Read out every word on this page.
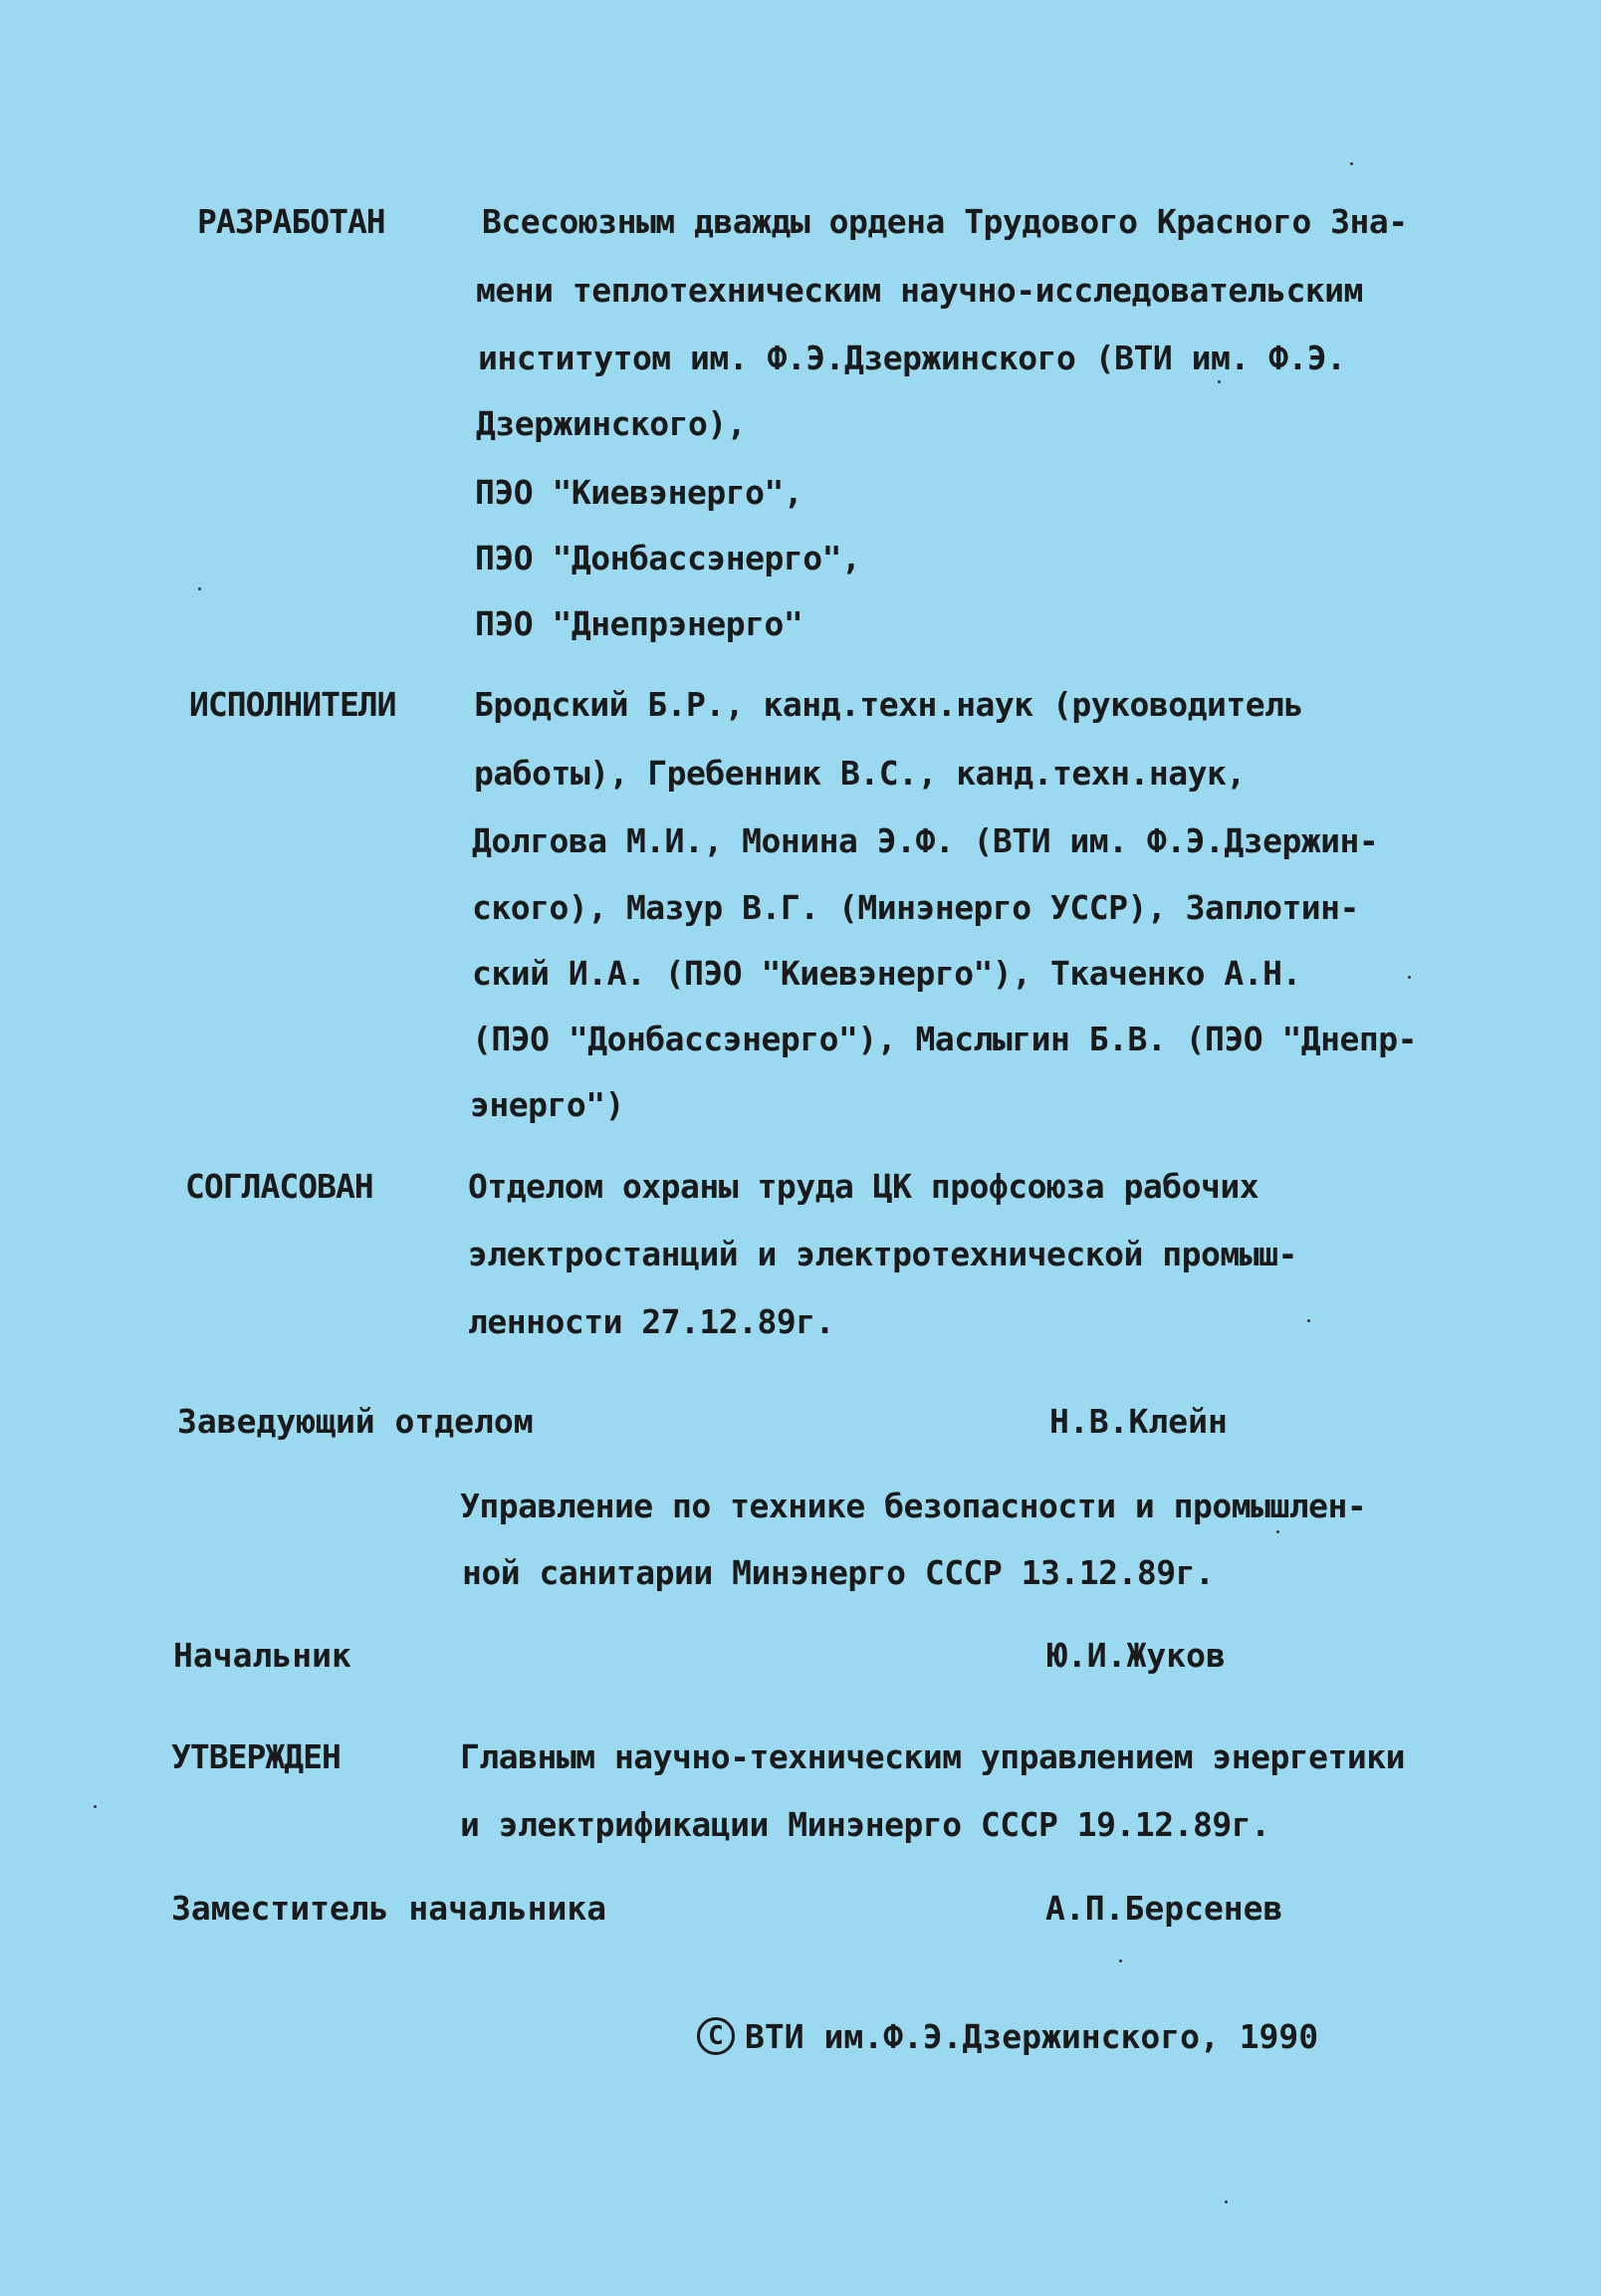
РАЗРАБОТАН	Всесоюзным дважды ордена Трудового Красного Зна-
мени теплотехническим научно-исследовательским
институтом им. Ф.Э.Дзержинского (ВТИ им. Ф.Э.
Дзержинского),
ПЭО "Киевэнерго",
ПЭО "Донбассэнерго",
ПЭО "Днепрэнерго"
ИСПОЛНИТЕЛИ Бродский Б.Р., канд.техн.наук (руководитель
работы), Гребенник В.С., канд.техн.наук,
Долгова М.И., Монина Э.Ф. (ВТИ им. Ф.Э.Дзержин-
ского), Мазур В.Г. (Минэнерго УССР), Заплотин-
ский И.А. (ПЭО "Киевэнерго"), Ткаченко А.Н.
(ПЭО "Донбассэнерго"), Маслыгин Б.В. (ПЭО "Днепр-
энерго")
СОГЛАСОВАН	Отделом охраны труда ЦК профсоюза рабочих
электростанций и электротехнической промыш-
ленности 27.12.89г.
Заведующий отделом	Н.В.Клейн
Управление по технике безопасности и промышлен-
ной санитарии Минэнерго СССР 13.12.89г.
Начальник	Ю.И.Жуков
УТВЕРЖДЕН	Главным научно-техническим управлением энергетики
и электрификации Минэнерго СССР 19.12.89г.
Заместитель начальника	А.П.Берсенев
C ВТИ им.Ф.Э.Дзержинского, 1990
